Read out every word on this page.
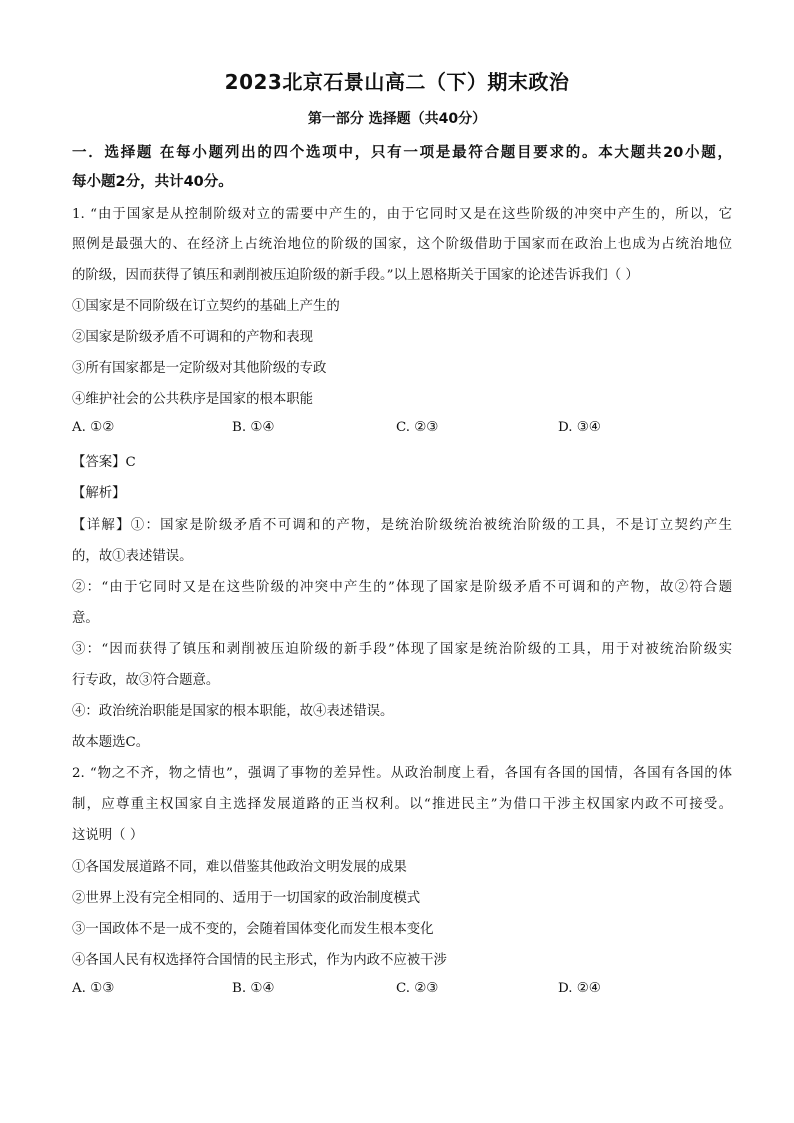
2023北京石景山高二（下）期末政治
第一部分 选择题（共40分）
一．选择题 在每小题列出的四个选项中，只有一项是最符合题目要求的。本大题共20小题，
每小题2分，共计40分。
1. “由于国家是从控制阶级对立的需要中产生的，由于它同时又是在这些阶级的冲突中产生的，所以，它
照例是最强大的、在经济上占统治地位的阶级的国家，这个阶级借助于国家而在政治上也成为占统治地位
的阶级，因而获得了镇压和剥削被压迫阶级的新手段。”以上恩格斯关于国家的论述告诉我们（ ）
①国家是不同阶级在订立契约的基础上产生的
②国家是阶级矛盾不可调和的产物和表现
③所有国家都是一定阶级对其他阶级的专政
④维护社会的公共秩序是国家的根本职能
A. ①②	B. ①④	C. ②③	D. ③④
【答案】C
【解析】
【详解】①：国家是阶级矛盾不可调和的产物，是统治阶级统治被统治阶级的工具，不是订立契约产生
的，故①表述错误。
②：“由于它同时又是在这些阶级的冲突中产生的”体现了国家是阶级矛盾不可调和的产物，故②符合题
意。
③：“因而获得了镇压和剥削被压迫阶级的新手段”体现了国家是统治阶级的工具，用于对被统治阶级实
行专政，故③符合题意。
④：政治统治职能是国家的根本职能，故④表述错误。
故本题选C。
2. “物之不齐，物之情也”，强调了事物的差异性。从政治制度上看，各国有各国的国情，各国有各国的体
制，应尊重主权国家自主选择发展道路的正当权利。以“推进民主”为借口干涉主权国家内政不可接受。
这说明（ ）
①各国发展道路不同，难以借鉴其他政治文明发展的成果
②世界上没有完全相同的、适用于一切国家的政治制度模式
③一国政体不是一成不变的，会随着国体变化而发生根本变化
④各国人民有权选择符合国情的民主形式，作为内政不应被干涉
A. ①③	B. ①④	C. ②③	D. ②④
